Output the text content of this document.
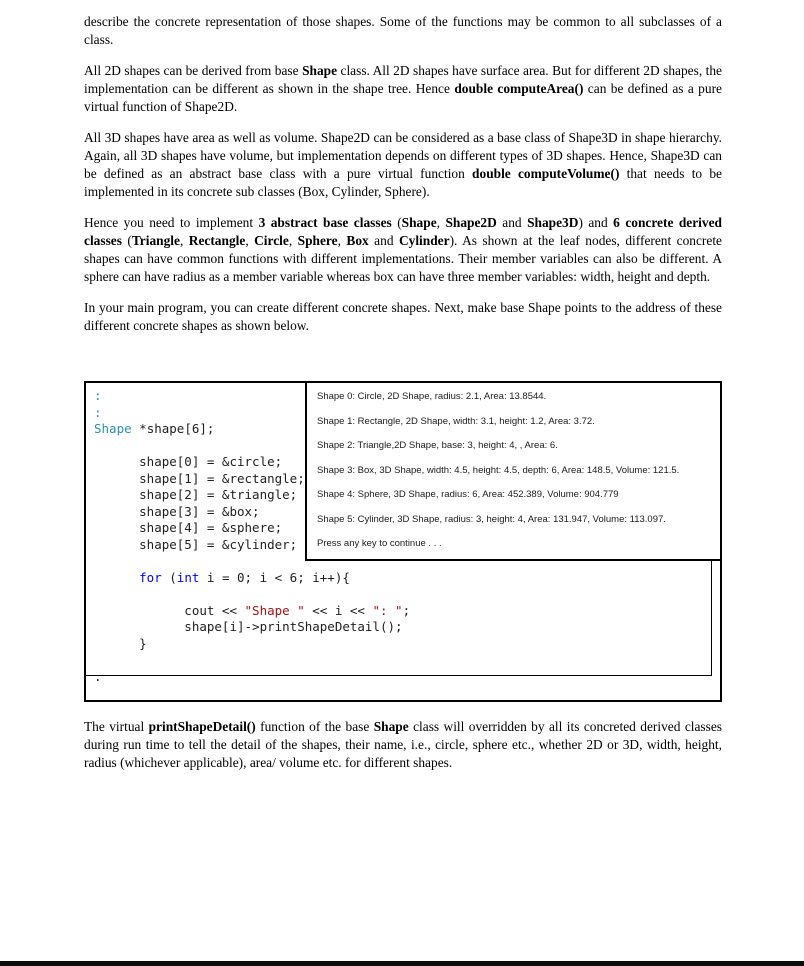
describe the concrete representation of those shapes. Some of the functions may be common to all subclasses of a class.

All 2D shapes can be derived from base Shape class. All 2D shapes have surface area. But for different 2D shapes, the implementation can be different as shown in the shape tree. Hence double computeArea() can be defined as a pure virtual function of Shape2D.

All 3D shapes have area as well as volume. Shape2D can be considered as a base class of Shape3D in shape hierarchy. Again, all 3D shapes have volume, but implementation depends on different types of 3D shapes. Hence, Shape3D can be defined as an abstract base class with a pure virtual function double computeVolume() that needs to be implemented in its concrete sub classes (Box, Cylinder, Sphere).

Hence you need to implement 3 abstract base classes (Shape, Shape2D and Shape3D) and 6 concrete derived classes (Triangle, Rectangle, Circle, Sphere, Box and Cylinder). As shown at the leaf nodes, different concrete shapes can have common functions with different implementations. Their member variables can also be different. A sphere can have radius as a member variable whereas box can have three member variables: width, height and depth.

In your main program, you can create different concrete shapes. Next, make base Shape points to the address of these different concrete shapes as shown below.

:
:
Shape *shape[6];

shape[0] = &circle;
shape[1] = &rectangle;
shape[2] = &triangle;
shape[3] = &box;
shape[4] = &sphere;
shape[5] = &cylinder;

for (int i = 0; i < 6; i++){

cout << "Shape " << i << ": ";
shape[i]->printShapeDetail();
}

.
Shape 0: Circle, 2D Shape, radius: 2.1, Area: 13.8544.
Shape 1: Rectangle, 2D Shape, width: 3.1, height: 1.2, Area: 3.72.
Shape 2: Triangle,2D Shape, base: 3, height: 4, , Area: 6.
Shape 3: Box, 3D Shape, width: 4.5, height: 4.5, depth: 6, Area: 148.5, Volume: 121.5.
Shape 4: Sphere, 3D Shape, radius: 6, Area: 452.389, Volume: 904.779
Shape 5: Cylinder, 3D Shape, radius: 3, height: 4, Area: 131.947, Volume: 113.097.
Press any key to continue . . .

The virtual printShapeDetail() function of the base Shape class will overridden by all its concreted derived classes during run time to tell the detail of the shapes, their name, i.e., circle, sphere etc., whether 2D or 3D, width, height, radius (whichever applicable), area/ volume etc. for different shapes.
